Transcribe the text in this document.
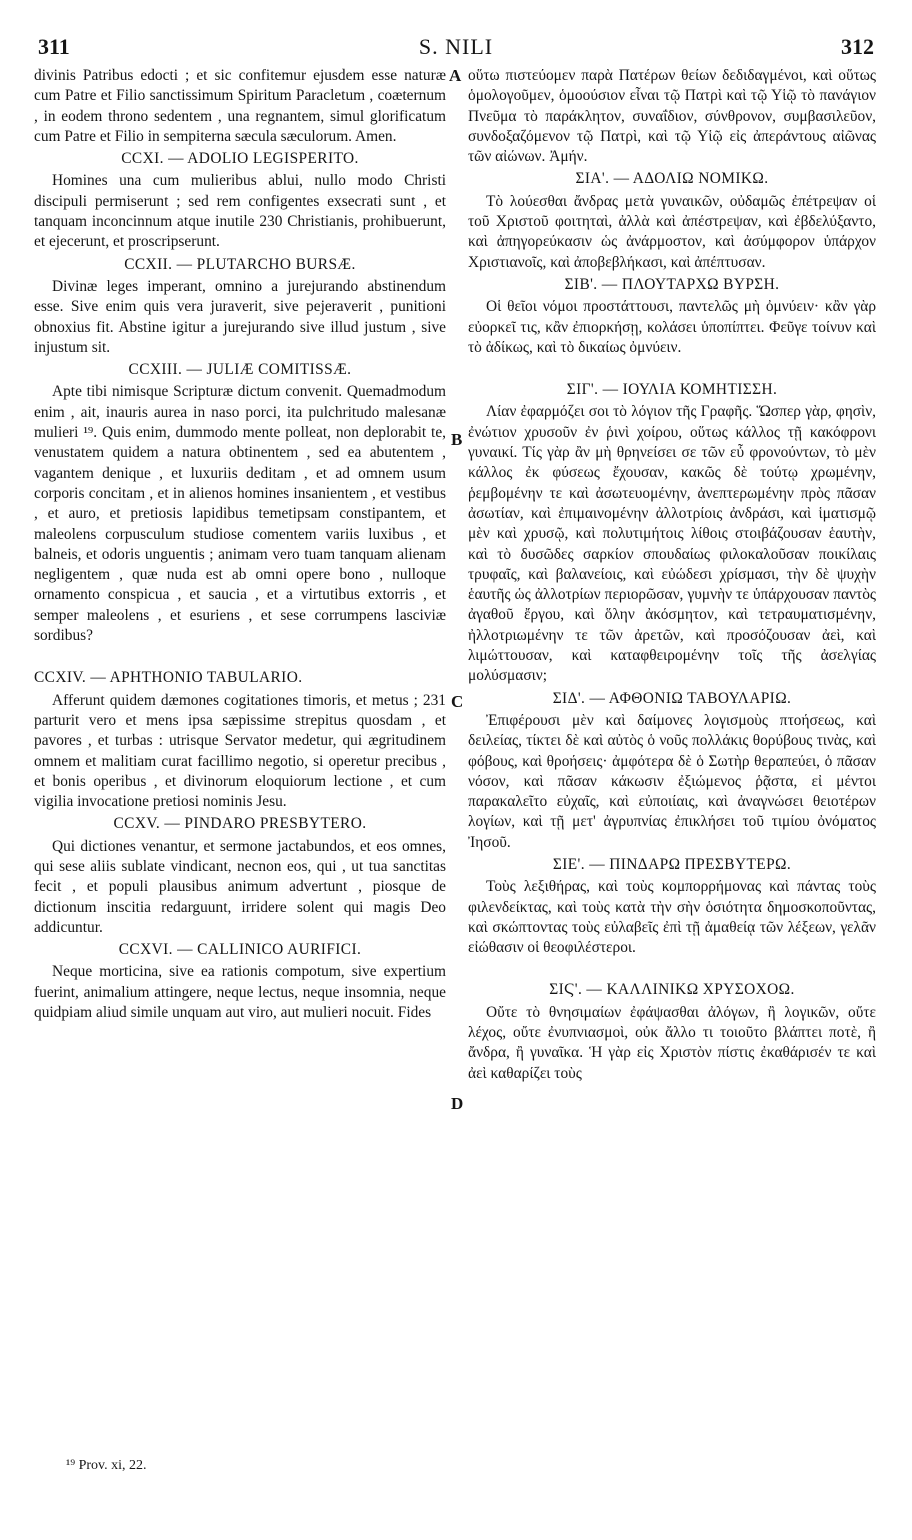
311	S. NILI	312
A
B
C
D

divinis Patribus edocti ; et sic confitemur ejusdem esse naturæ cum Patre et Filio sanctissimum Spiritum Paracletum , coæternum , in eodem throno sedentem , una regnantem, simul glorificatum cum Patre et Filio in sempiterna sæcula sæculorum. Amen.

CCXI. — ADOLIO LEGISPERITO.

Homines una cum mulieribus ablui, nullo modo Christi discipuli permiserunt ; sed rem configentes exsecrati sunt , et tanquam inconcinnum atque inutile 230 Christianis, prohibuerunt, et ejecerunt, et proscripserunt.

CCXII. — PLUTARCHO BURSÆ.

Divinæ leges imperant, omnino a jurejurando abstinendum esse. Sive enim quis vera juraverit, sive pejeraverit , punitioni obnoxius fit. Abstine igitur a jurejurando sive illud justum , sive injustum sit.

CCXIII. — JULIÆ COMITISSÆ.

Apte tibi nimisque Scripturæ dictum convenit. Quemadmodum enim , ait, inauris aurea in naso porci, ita pulchritudo malesanæ mulieri ¹⁹. Quis enim, dummodo mente polleat, non deplorabit te, venustatem quidem a natura obtinentem , sed ea abutentem , vagantem denique , et luxuriis deditam , et ad omnem usum corporis concitam , et in alienos homines insanientem , et vestibus , et auro, et pretiosis lapidibus temetipsam constipantem, et maleolens corpusculum studiose comentem variis luxibus , et balneis, et odoris unguentis ; animam vero tuam tanquam alienam negligentem , quæ nuda est ab omni opere bono , nulloque ornamento conspicua , et saucia , et a virtutibus extorris , et semper maleolens , et esuriens , et sese corrumpens lasciviæ sordibus?

CCXIV. — APHTHONIO TABULARIO.

Afferunt quidem dæmones cogitationes timoris, et metus ; 231 parturit vero et mens ipsa sæpissime strepitus quosdam , et pavores , et turbas : utrisque Servator medetur, qui ægritudinem omnem et malitiam curat facillimo negotio, si operetur precibus , et bonis operibus , et divinorum eloquiorum lectione , et cum vigilia invocatione pretiosi nominis Jesu.

CCXV. — PINDARO PRESBYTERO.

Qui dictiones venantur, et sermone jactabundos, et eos omnes, qui sese aliis sublate vindicant, necnon eos, qui , ut tua sanctitas fecit , et populi plausibus animum advertunt , piosque de dictionum inscitia redarguunt, irridere solent qui magis Deo addicuntur.

CCXVI. — CALLINICO AURIFICI.

Neque morticina, sive ea rationis compotum, sive expertium fuerint, animalium attingere, neque lectus, neque insomnia, neque quidpiam aliud simile unquam aut viro, aut mulieri nocuit. Fides

οὕτω πιστεύομεν παρὰ Πατέρων θείων δεδιδαγμένοι, καὶ οὕτως ὁμολογοῦμεν, ὁμοούσιον εἶναι τῷ Πατρὶ καὶ τῷ Υἱῷ τὸ πανάγιον Πνεῦμα τὸ παράκλητον, συναΐδιον, σύνθρονον, συμβασιλεῦον, συνδοξαζόμενον τῷ Πατρὶ, καὶ τῷ Υἱῷ εἰς ἀπεράντους αἰῶνας τῶν αἰώνων. Ἀμήν.

ΣΙΑ'. — ΑΔΟΛΙΩ ΝΟΜΙΚΩ.

Τὸ λούεσθαι ἄνδρας μετὰ γυναικῶν, οὐδαμῶς ἐπέτρεψαν οἱ τοῦ Χριστοῦ φοιτηταὶ, ἀλλὰ καὶ ἀπέστρεψαν, καὶ ἐβδελύξαντο, καὶ ἀπηγορεύκασιν ὡς ἀνάρμοστον, καὶ ἀσύμφορον ὑπάρχον Χριστιανοῖς, καὶ ἀποβεβλήκασι, καὶ ἀπέπτυσαν.

ΣΙΒ'. — ΠΛΟΥΤΑΡΧΩ ΒΥΡΣΗ.

Οἱ θεῖοι νόμοι προστάττουσι, παντελῶς μὴ ὀμνύειν· κἂν γὰρ εὐορκεῖ τις, κἂν ἐπιορκήσῃ, κολάσει ὑποπίπτει. Φεῦγε τοίνυν καὶ τὸ ἀδίκως, καὶ τὸ δικαίως ὀμνύειν.

ΣΙΓ'. — ΙΟΥΛΙΑ ΚΟΜΗΤΙΣΣΗ.

Λίαν ἐφαρμόζει σοι τὸ λόγιον τῆς Γραφῆς. Ὥσπερ γὰρ, φησὶν, ἐνώτιον χρυσοῦν ἐν ῥινὶ χοίρου, οὕτως κάλλος τῇ κακόφρονι γυναικί. Τίς γὰρ ἂν μὴ θρηνείσει σε τῶν εὖ φρονούντων, τὸ μὲν κάλλος ἐκ φύσεως ἔχουσαν, κακῶς δὲ τούτῳ χρωμένην, ῥεμβομένην τε καὶ ἀσωτευομένην, ἀνεπτερωμένην πρὸς πᾶσαν ἀσωτίαν, καὶ ἐπιμαινομένην ἀλλοτρίοις ἀνδράσι, καὶ ἱματισμῷ μὲν καὶ χρυσῷ, καὶ πολυτιμήτοις λίθοις στοιβάζουσαν ἑαυτὴν, καὶ τὸ δυσῶδες σαρκίον σπουδαίως φιλοκαλοῦσαν ποικίλαις τρυφαῖς, καὶ βαλανείοις, καὶ εὐώδεσι χρίσμασι, τὴν δὲ ψυχὴν ἑαυτῆς ὡς ἀλλοτρίων περιορῶσαν, γυμνὴν τε ὑπάρχουσαν παντὸς ἀγαθοῦ ἔργου, καὶ ὅλην ἀκόσμητον, καὶ τετραυματισμένην, ἠλλοτριωμένην τε τῶν ἀρετῶν, καὶ προσόζουσαν ἀεὶ, καὶ λιμώττουσαν, καὶ καταφθειρομένην τοῖς τῆς ἀσελγίας μολύσμασιν;

ΣΙΔ'. — ΑΦΘΟΝΙΩ ΤΑΒΟΥΛΑΡΙΩ.

Ἐπιφέρουσι μὲν καὶ δαίμονες λογισμοὺς πτοήσεως, καὶ δειλείας, τίκτει δὲ καὶ αὐτὸς ὁ νοῦς πολλάκις θορύβους τινὰς, καὶ φόβους, καὶ θροήσεις· ἀμφότερα δὲ ὁ Σωτὴρ θεραπεύει, ὁ πᾶσαν νόσον, καὶ πᾶσαν κάκωσιν ἐξιώμενος ῥᾷστα, εἰ μέντοι παρακαλεῖτο εὐχαῖς, καὶ εὐποιίαις, καὶ ἀναγνώσει θειοτέρων λογίων, καὶ τῇ μετ' ἀγρυπνίας ἐπικλήσει τοῦ τιμίου ὀνόματος Ἰησοῦ.

ΣΙΕ'. — ΠΙΝΔΑΡΩ ΠΡΕΣΒΥΤΕΡΩ.

Τοὺς λεξιθήρας, καὶ τοὺς κομπορρήμονας καὶ πάντας τοὺς φιλενδείκτας, καὶ τοὺς κατὰ τὴν σὴν ὁσιότητα δημοσκοποῦντας, καὶ σκώπτοντας τοὺς εὐλαβεῖς ἐπὶ τῇ ἀμαθείᾳ τῶν λέξεων, γελᾶν εἰώθασιν οἱ θεοφιλέστεροι.

ΣΙϚ'. — ΚΑΛΛΙΝΙΚΩ ΧΡΥΣΟΧΟΩ.

Οὔτε τὸ θνησιμαίων ἐφάψασθαι ἀλόγων, ἢ λογικῶν, οὔτε λέχος, οὔτε ἐνυπνιασμοὶ, οὐκ ἄλλο τι τοιοῦτο βλάπτει ποτὲ, ἢ ἄνδρα, ἢ γυναῖκα. Ἡ γὰρ εἰς Χριστὸν πίστις ἐκαθάρισέν τε καὶ ἀεὶ καθαρίζει τοὺς

¹⁹ Prov. xi, 22.
